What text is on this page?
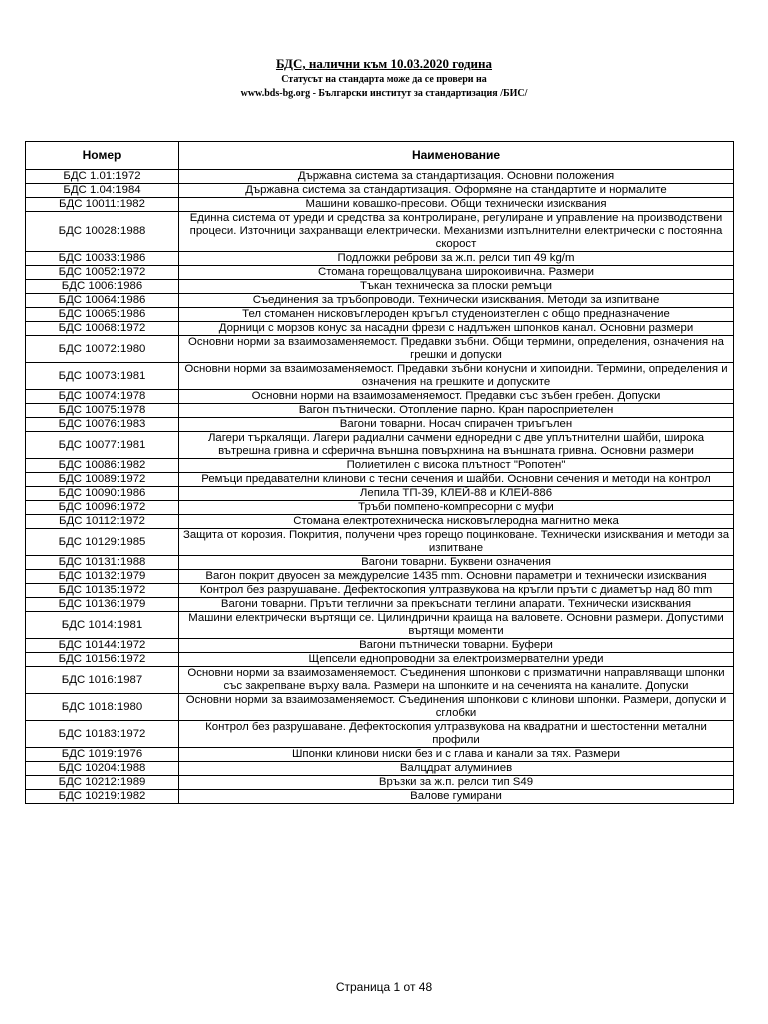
БДС, налични към 10.03.2020 година
Статусът на стандарта може да се провери на
www.bds-bg.org - Български институт за стандартизация /БИС/
Номер	Наименование
БДС 1.01:1972	Държавна система за стандартизация. Основни положения
БДС 1.04:1984	Държавна система за стандартизация. Оформяне на стандартите и нормалите
БДС 10011:1982	Машини ковашко-пресови. Общи технически изисквания
БДС 10028:1988	Единна система от уреди и средства за контролиране, регулиране и управление на производствени процеси. Източници захранващи електрически. Механизми изпълнителни електрически с постоянна скорост
БДС 10033:1986	Подложки реброви за ж.п. релси тип 49 kg/m
БДС 10052:1972	Стомана горещовалцувана широкоивична. Размери
БДС 1006:1986	Тъкан техническа за плоски ремъци
БДС 10064:1986	Съединения за тръбопроводи. Технически изисквания. Методи за изпитване
БДС 10065:1986	Тел стоманен нисковъглероден кръгъл студеноизтеглен с общо предназначение
БДС 10068:1972	Дорници с морзов конус за насадни фрези с надлъжен шпонков канал. Основни размери
БДС 10072:1980	Основни норми за взаимозаменяемост. Предавки зъбни. Общи термини, определения, означения на грешки и допуски
БДС 10073:1981	Основни норми за взаимозаменяемост. Предавки зъбни конусни и хипоидни. Термини, определения и означения на грешките и допуските
БДС 10074:1978	Основни норми на взаимозаменяемост. Предавки със зъбен гребен. Допуски
БДС 10075:1978	Вагон пътнически. Отопление парно. Кран паросприетелен
БДС 10076:1983	Вагони товарни. Носач спирачен триъгълен
БДС 10077:1981	Лагери търкалящи. Лагери радиални сачмени едноредни с две уплътнителни шайби, широка вътрешна гривна и сферична външна повърхнина на външната гривна. Основни размери
БДС 10086:1982	Полиетилен с висока плътност "Ропотен"
БДС 10089:1972	Ремъци предавателни клинови с тесни сечения и шайби. Основни сечения и методи на контрол
БДС 10090:1986	Лепила ТП-39, КЛЕЙ-88 и КЛЕЙ-886
БДС 10096:1972	Тръби помпено-компресорни с муфи
БДС 10112:1972	Стомана електротехническа нисковъглеродна магнитно мека
БДС 10129:1985	Защита от корозия. Покрития, получени чрез горещо поцинковане. Технически изисквания и методи за изпитване
БДС 10131:1988	Вагони товарни. Буквени означения
БДС 10132:1979	Вагон покрит двуосен за междурелсие 1435 mm. Основни параметри и технически изисквания
БДС 10135:1972	Контрол без разрушаване. Дефектоскопия ултразвукова на кръгли пръти с диаметър над 80 mm
БДС 10136:1979	Вагони товарни. Пръти теглични за прекъснати теглини апарати. Технически изисквания
БДС 1014:1981	Машини електрически въртящи се. Цилиндрични краища на валовете. Основни размери. Допустими въртящи моменти
БДС 10144:1972	Вагони пътнически товарни. Буфери
БДС 10156:1972	Щепсели еднопроводни за електроизмервателни уреди
БДС 1016:1987	Основни норми за взаимозаменяемост. Съединения шпонкови с призматични направляващи шпонки със закрепване върху вала. Размери на шпонките и на сеченията на каналите. Допуски
БДС 1018:1980	Основни норми за взаимозаменяемост. Съединения шпонкови с клинови шпонки. Размери, допуски и сглобки
БДС 10183:1972	Контрол без разрушаване. Дефектоскопия ултразвукова на квадратни и шестостенни метални профили
БДС 1019:1976	Шпонки клинови ниски без и с глава и канали за тях. Размери
БДС 10204:1988	Валцдрат алуминиев
БДС 10212:1989	Връзки за ж.п. релси тип S49
БДС 10219:1982	Валове гумирани
Страница 1 от 48
